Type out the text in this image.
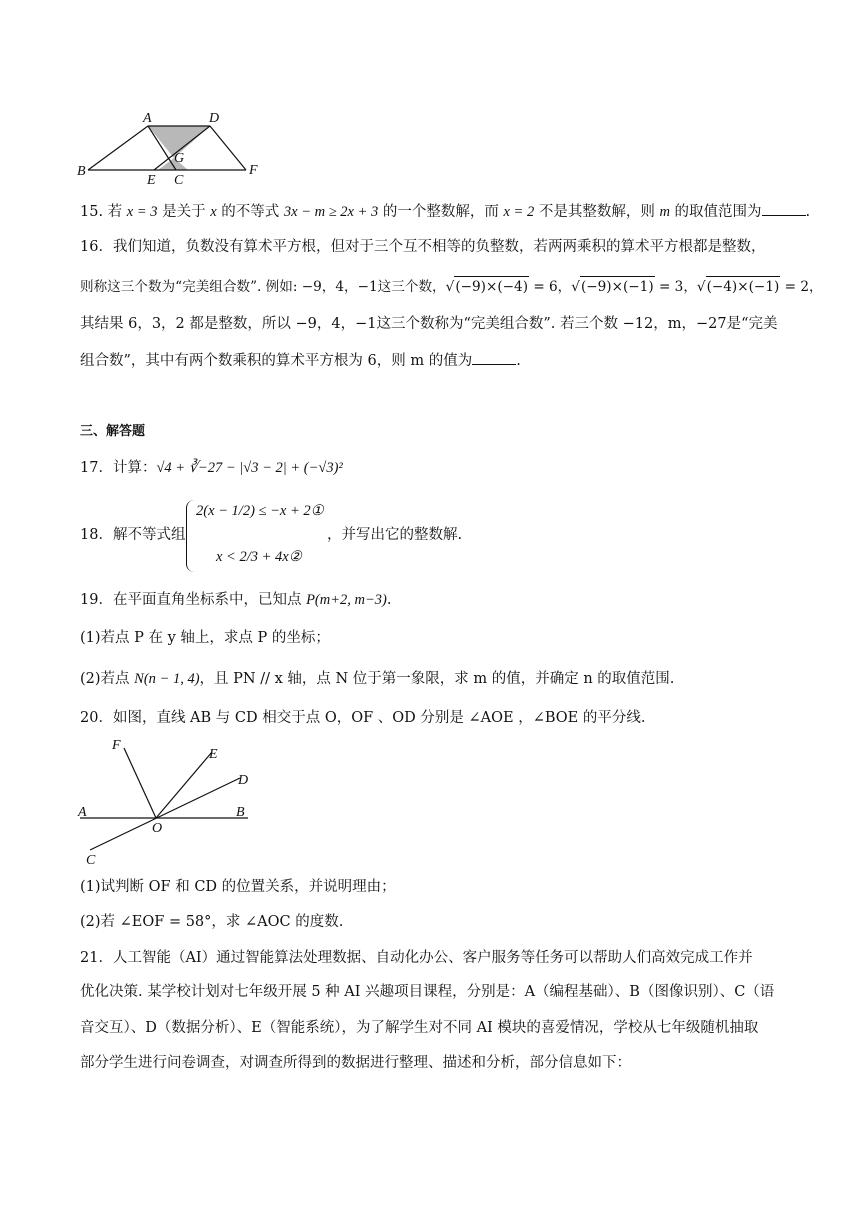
A	D
B	F
G
E C
15. 若 x = 3 是关于 x 的不等式 3x − m ≥ 2x + 3 的一个整数解，而 x = 2 不是其整数解，则 m 的取值范围为	.
16．我们知道，负数没有算术平方根，但对于三个互不相等的负整数，若两两乘积的算术平方根都是整数，
则称这三个数为“完美组合数”. 例如: −9，4，−1这三个数，√(−9)×(−4) = 6，√(−9)×(−1) = 3，√(−4)×(−1) = 2，
其结果 6，3，2 都是整数，所以 −9，4，−1这三个数称为“完美组合数”. 若三个数 −12，m，−27是“完美
组合数”，其中有两个数乘积的算术平方根为 6，则 m 的值为	.
三、解答题
17．计算：√4 + ∛−27 − |√3 − 2| + (−√3)²
18．解不等式组
2(x − 1/2) ≤ −x + 2①
x < 2/3 + 4x②
，并写出它的整数解.
19．在平面直角坐标系中，已知点 P(m+2, m−3).
(1)若点 P 在 y 轴上，求点 P 的坐标；
(2)若点 N(n − 1, 4)，且 PN // x 轴，点 N 位于第一象限，求 m 的值，并确定 n 的取值范围.
20．如图，直线 AB 与 CD 相交于点 O，OF 、OD 分别是 ∠AOE ，∠BOE 的平分线.
F
E
D
A
O
B
C
(1)试判断 OF 和 CD 的位置关系，并说明理由；
(2)若 ∠EOF = 58°，求 ∠AOC 的度数.
21．人工智能（AI）通过智能算法处理数据、自动化办公、客户服务等任务可以帮助人们高效完成工作并
优化决策. 某学校计划对七年级开展 5 种 AI 兴趣项目课程，分别是：A（编程基础）、B（图像识别）、C（语
音交互）、D（数据分析）、E（智能系统），为了解学生对不同 AI 模块的喜爱情况，学校从七年级随机抽取
部分学生进行问卷调查，对调查所得到的数据进行整理、描述和分析，部分信息如下：
